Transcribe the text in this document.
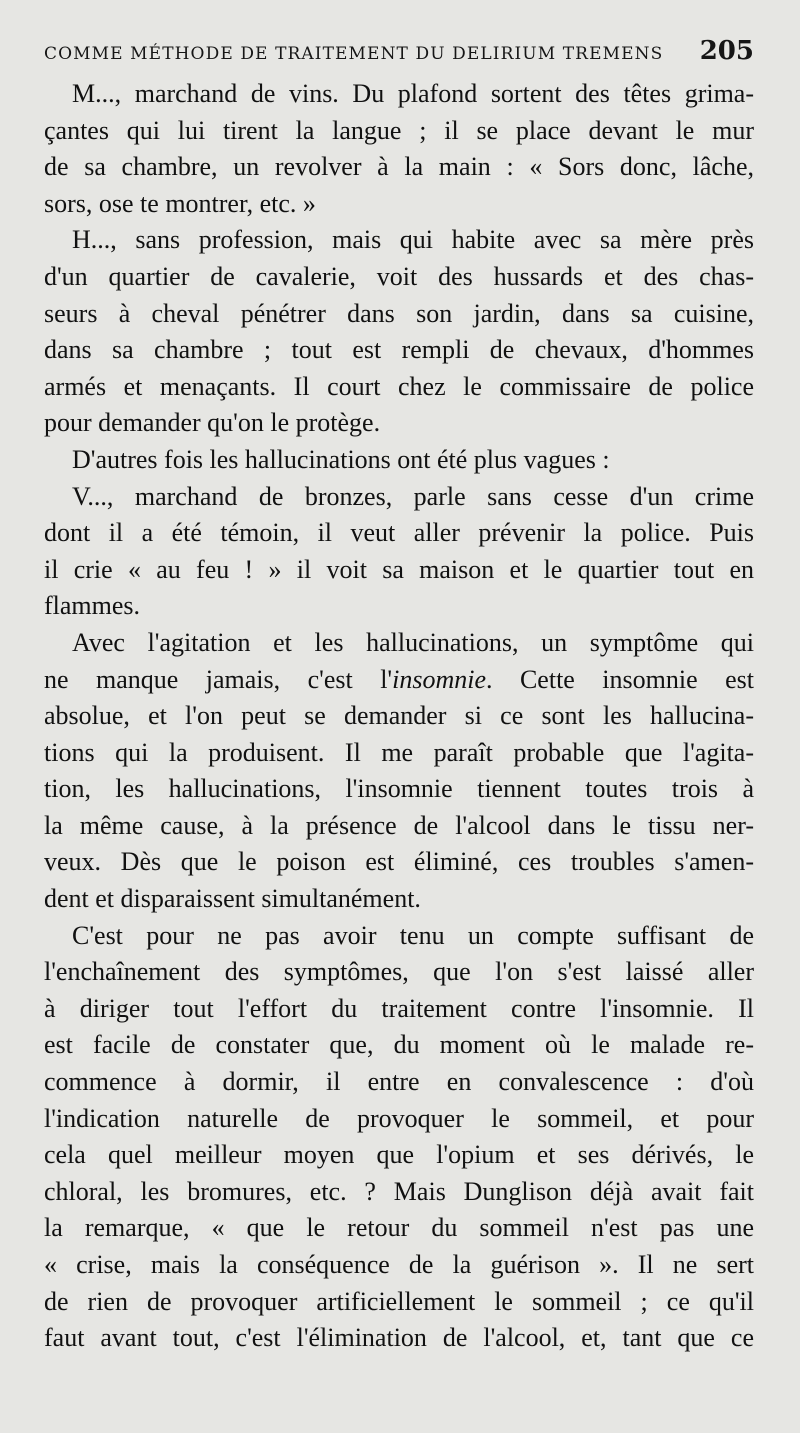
COMME MÉTHODE DE TRAITEMENT DU DELIRIUM TREMENS 205
M..., marchand de vins. Du plafond sortent des têtes grima-
çantes qui lui tirent la langue ; il se place devant le mur
de sa chambre, un revolver à la main : « Sors donc, lâche,
sors, ose te montrer, etc. »
H..., sans profession, mais qui habite avec sa mère près
d'un quartier de cavalerie, voit des hussards et des chas-
seurs à cheval pénétrer dans son jardin, dans sa cuisine,
dans sa chambre ; tout est rempli de chevaux, d'hommes
armés et menaçants. Il court chez le commissaire de police
pour demander qu'on le protège.
D'autres fois les hallucinations ont été plus vagues :
V..., marchand de bronzes, parle sans cesse d'un crime
dont il a été témoin, il veut aller prévenir la police. Puis
il crie « au feu ! » il voit sa maison et le quartier tout en
flammes.
Avec l'agitation et les hallucinations, un symptôme qui
ne manque jamais, c'est l'insomnie. Cette insomnie est
absolue, et l'on peut se demander si ce sont les hallucina-
tions qui la produisent. Il me paraît probable que l'agita-
tion, les hallucinations, l'insomnie tiennent toutes trois à
la même cause, à la présence de l'alcool dans le tissu ner-
veux. Dès que le poison est éliminé, ces troubles s'amen-
dent et disparaissent simultanément.
C'est pour ne pas avoir tenu un compte suffisant de
l'enchaînement des symptômes, que l'on s'est laissé aller
à diriger tout l'effort du traitement contre l'insomnie. Il
est facile de constater que, du moment où le malade re-
commence à dormir, il entre en convalescence : d'où
l'indication naturelle de provoquer le sommeil, et pour
cela quel meilleur moyen que l'opium et ses dérivés, le
chloral, les bromures, etc. ? Mais Dunglison déjà avait fait
la remarque, « que le retour du sommeil n'est pas une
« crise, mais la conséquence de la guérison ». Il ne sert
de rien de provoquer artificiellement le sommeil ; ce qu'il
faut avant tout, c'est l'élimination de l'alcool, et, tant que ce
